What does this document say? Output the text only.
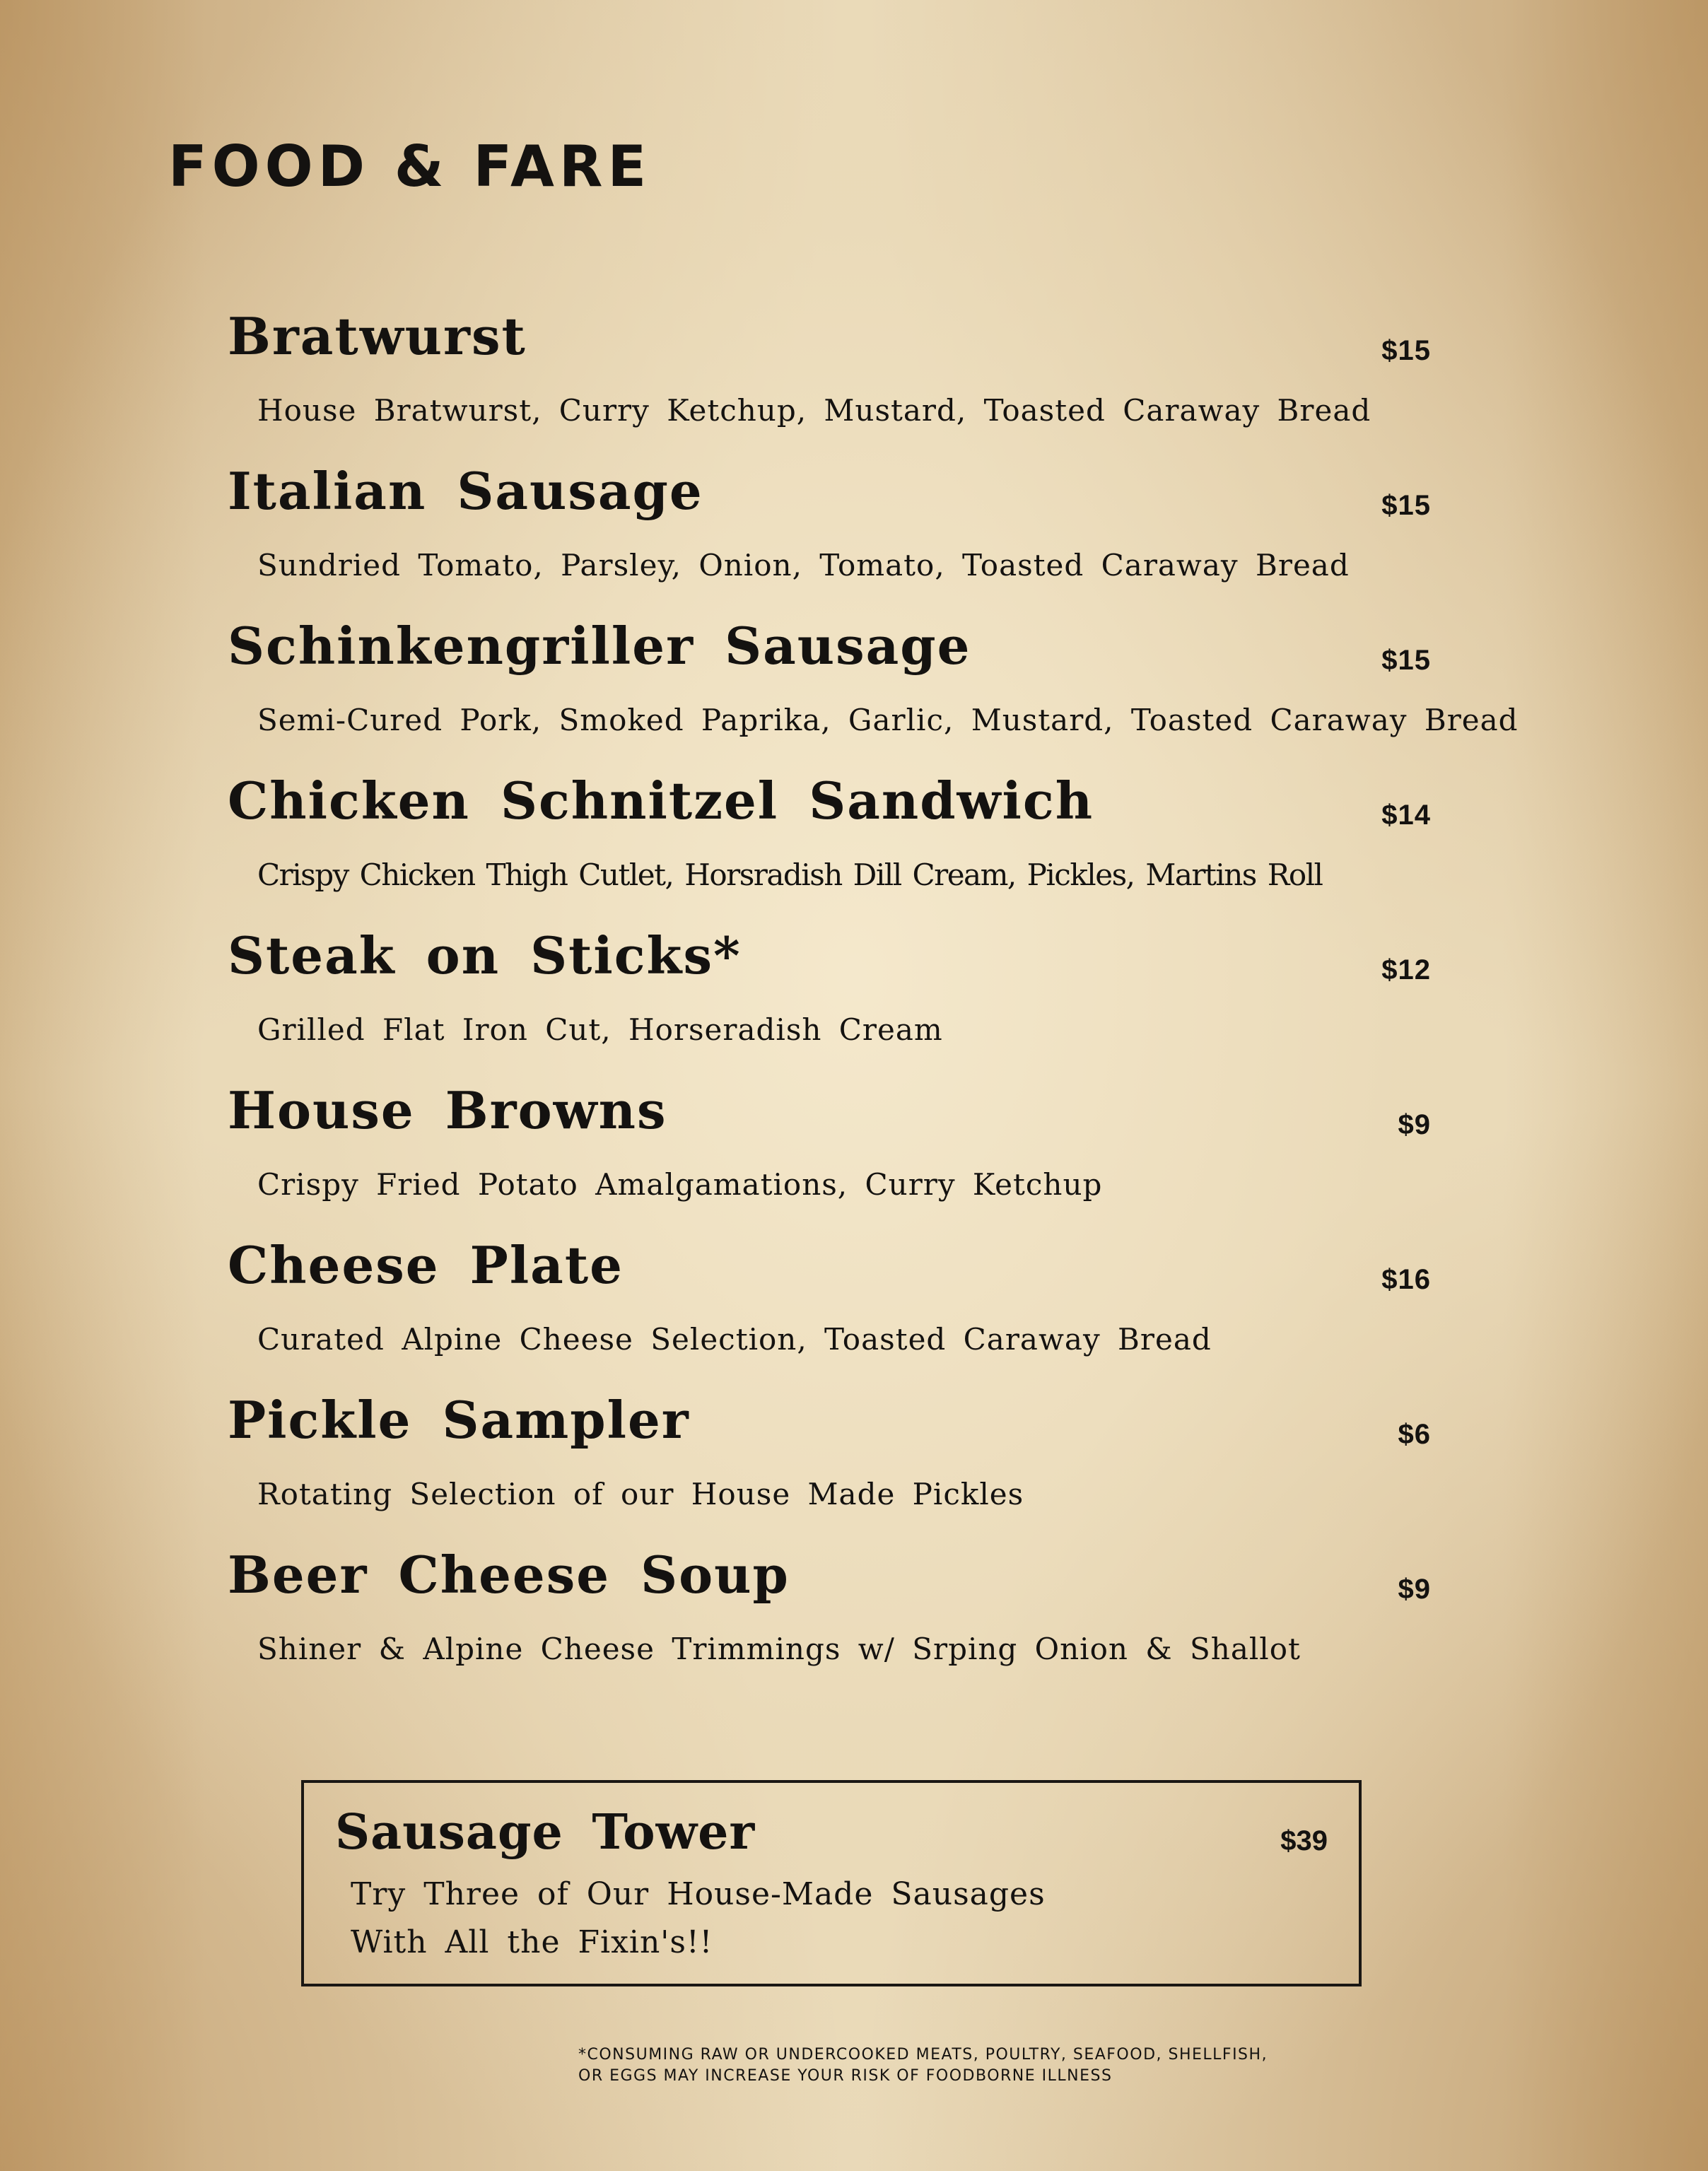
FOOD & FARE
Bratwurst	$15
House Bratwurst, Curry Ketchup, Mustard, Toasted Caraway Bread
Italian Sausage	$15
Sundried Tomato, Parsley, Onion, Tomato, Toasted Caraway Bread
Schinkengriller Sausage	$15
Semi-Cured Pork, Smoked Paprika, Garlic, Mustard, Toasted Caraway Bread
Chicken Schnitzel Sandwich	$14
Crispy Chicken Thigh Cutlet, Horsradish Dill Cream, Pickles, Martins Roll
Steak on Sticks*	$12
Grilled Flat Iron Cut, Horseradish Cream
House Browns	$9
Crispy Fried Potato Amalgamations, Curry Ketchup
Cheese Plate	$16
Curated Alpine Cheese Selection, Toasted Caraway Bread
Pickle Sampler	$6
Rotating Selection of our House Made Pickles
Beer Cheese Soup	$9
Shiner & Alpine Cheese Trimmings w/ Srping Onion & Shallot
Sausage Tower	$39
Try Three of Our House-Made Sausages
With All the Fixin's!!
*CONSUMING RAW OR UNDERCOOKED MEATS, POULTRY, SEAFOOD, SHELLFISH,
OR EGGS MAY INCREASE YOUR RISK OF FOODBORNE ILLNESS
